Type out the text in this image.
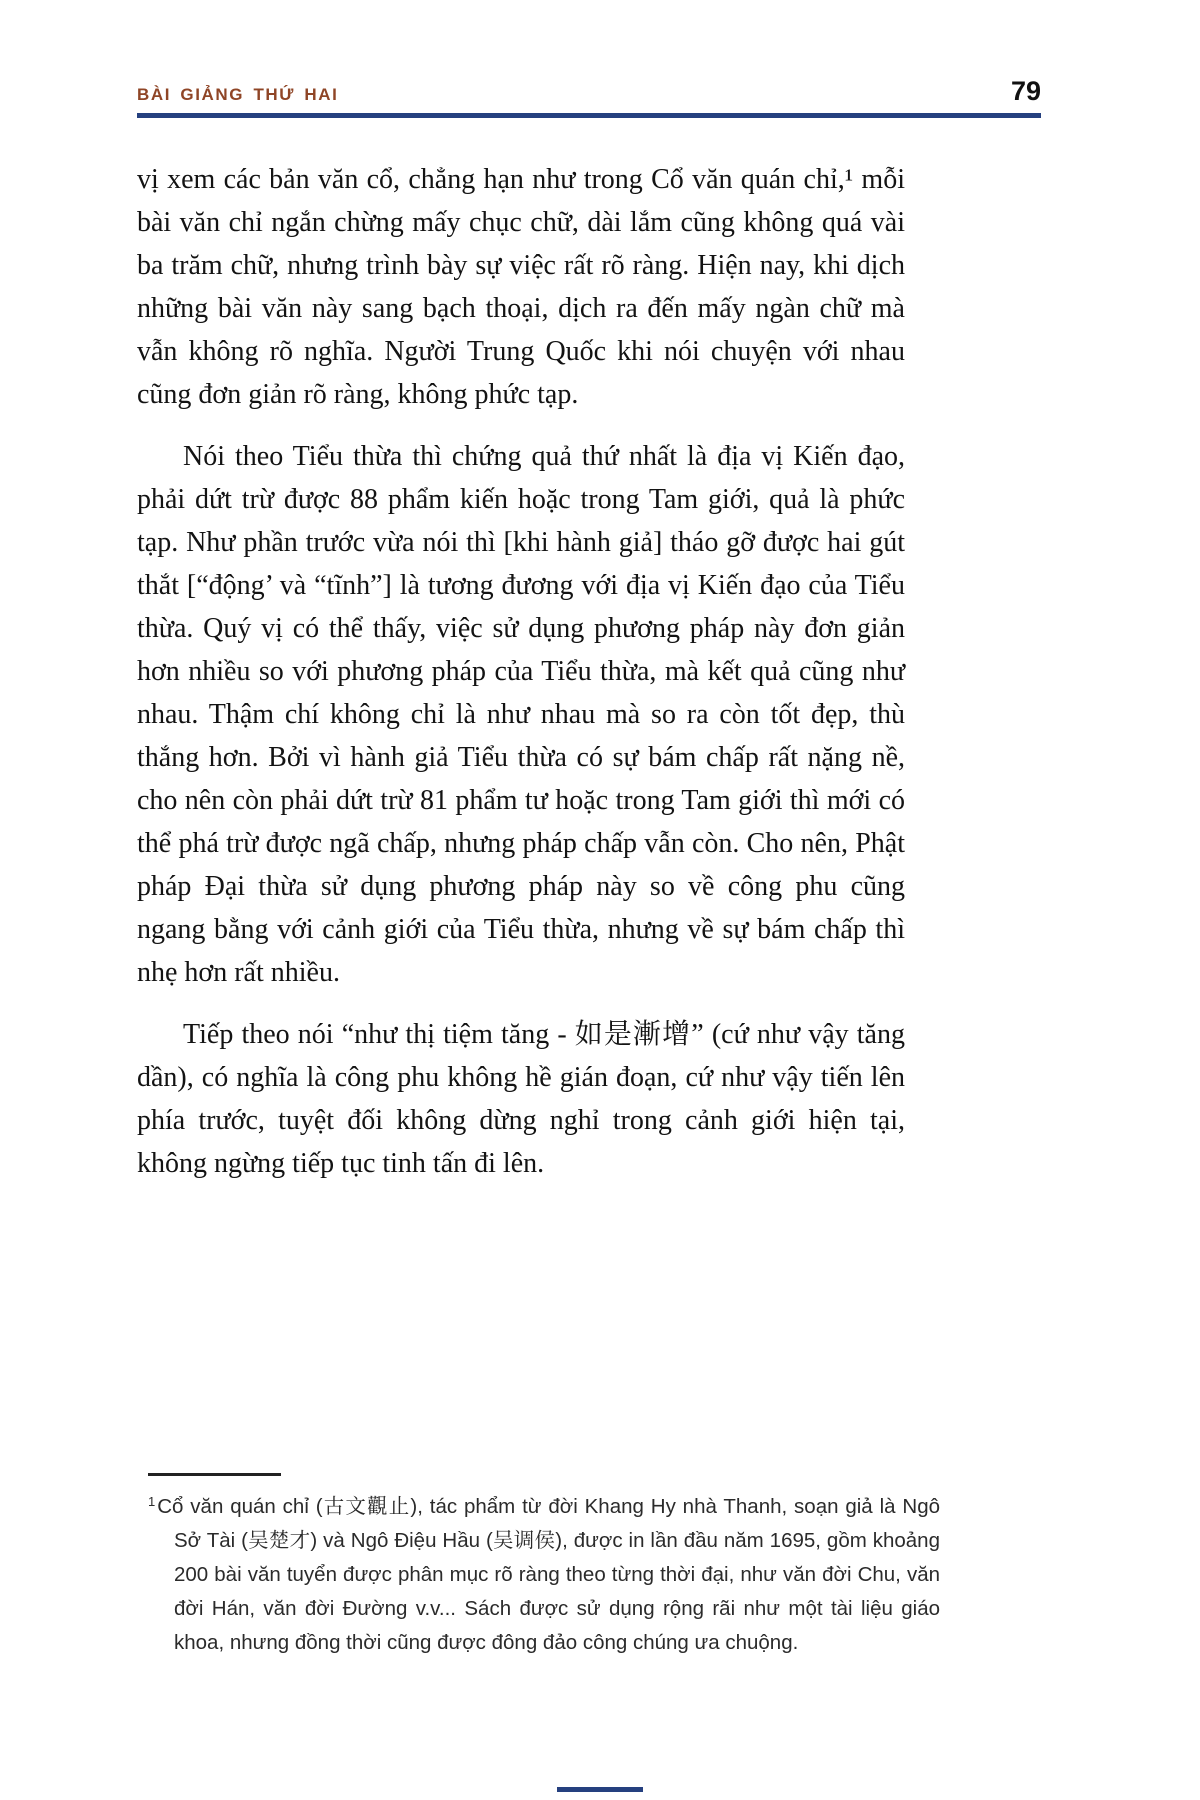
BÀI GIẢNG THỨ HAI	79

vị xem các bản văn cổ, chẳng hạn như trong Cổ văn quán chỉ,¹ mỗi bài văn chỉ ngắn chừng mấy chục chữ, dài lắm cũng không quá vài ba trăm chữ, nhưng trình bày sự việc rất rõ ràng. Hiện nay, khi dịch những bài văn này sang bạch thoại, dịch ra đến mấy ngàn chữ mà vẫn không rõ nghĩa. Người Trung Quốc khi nói chuyện với nhau cũng đơn giản rõ ràng, không phức tạp.

Nói theo Tiểu thừa thì chứng quả thứ nhất là địa vị Kiến đạo, phải dứt trừ được 88 phẩm kiến hoặc trong Tam giới, quả là phức tạp. Như phần trước vừa nói thì [khi hành giả] tháo gỡ được hai gút thắt [“động’ và “tĩnh”] là tương đương với địa vị Kiến đạo của Tiểu thừa. Quý vị có thể thấy, việc sử dụng phương pháp này đơn giản hơn nhiều so với phương pháp của Tiểu thừa, mà kết quả cũng như nhau. Thậm chí không chỉ là như nhau mà so ra còn tốt đẹp, thù thắng hơn. Bởi vì hành giả Tiểu thừa có sự bám chấp rất nặng nề, cho nên còn phải dứt trừ 81 phẩm tư hoặc trong Tam giới thì mới có thể phá trừ được ngã chấp, nhưng pháp chấp vẫn còn. Cho nên, Phật pháp Đại thừa sử dụng phương pháp này so về công phu cũng ngang bằng với cảnh giới của Tiểu thừa, nhưng về sự bám chấp thì nhẹ hơn rất nhiều.

Tiếp theo nói “như thị tiệm tăng - 如是漸增” (cứ như vậy tăng dần), có nghĩa là công phu không hề gián đoạn, cứ như vậy tiến lên phía trước, tuyệt đối không dừng nghỉ trong cảnh giới hiện tại, không ngừng tiếp tục tinh tấn đi lên.

$^1$Cổ văn quán chỉ (古文觀止), tác phẩm từ đời Khang Hy nhà Thanh, soạn giả là Ngô Sở Tài (吴楚才) và Ngô Điệu Hầu (吴调侯), được in lần đầu năm 1695, gồm khoảng 200 bài văn tuyển được phân mục rõ ràng theo từng thời đại, như văn đời Chu, văn đời Hán, văn đời Đường v.v... Sách được sử dụng rộng rãi như một tài liệu giáo khoa, nhưng đồng thời cũng được đông đảo công chúng ưa chuộng.
